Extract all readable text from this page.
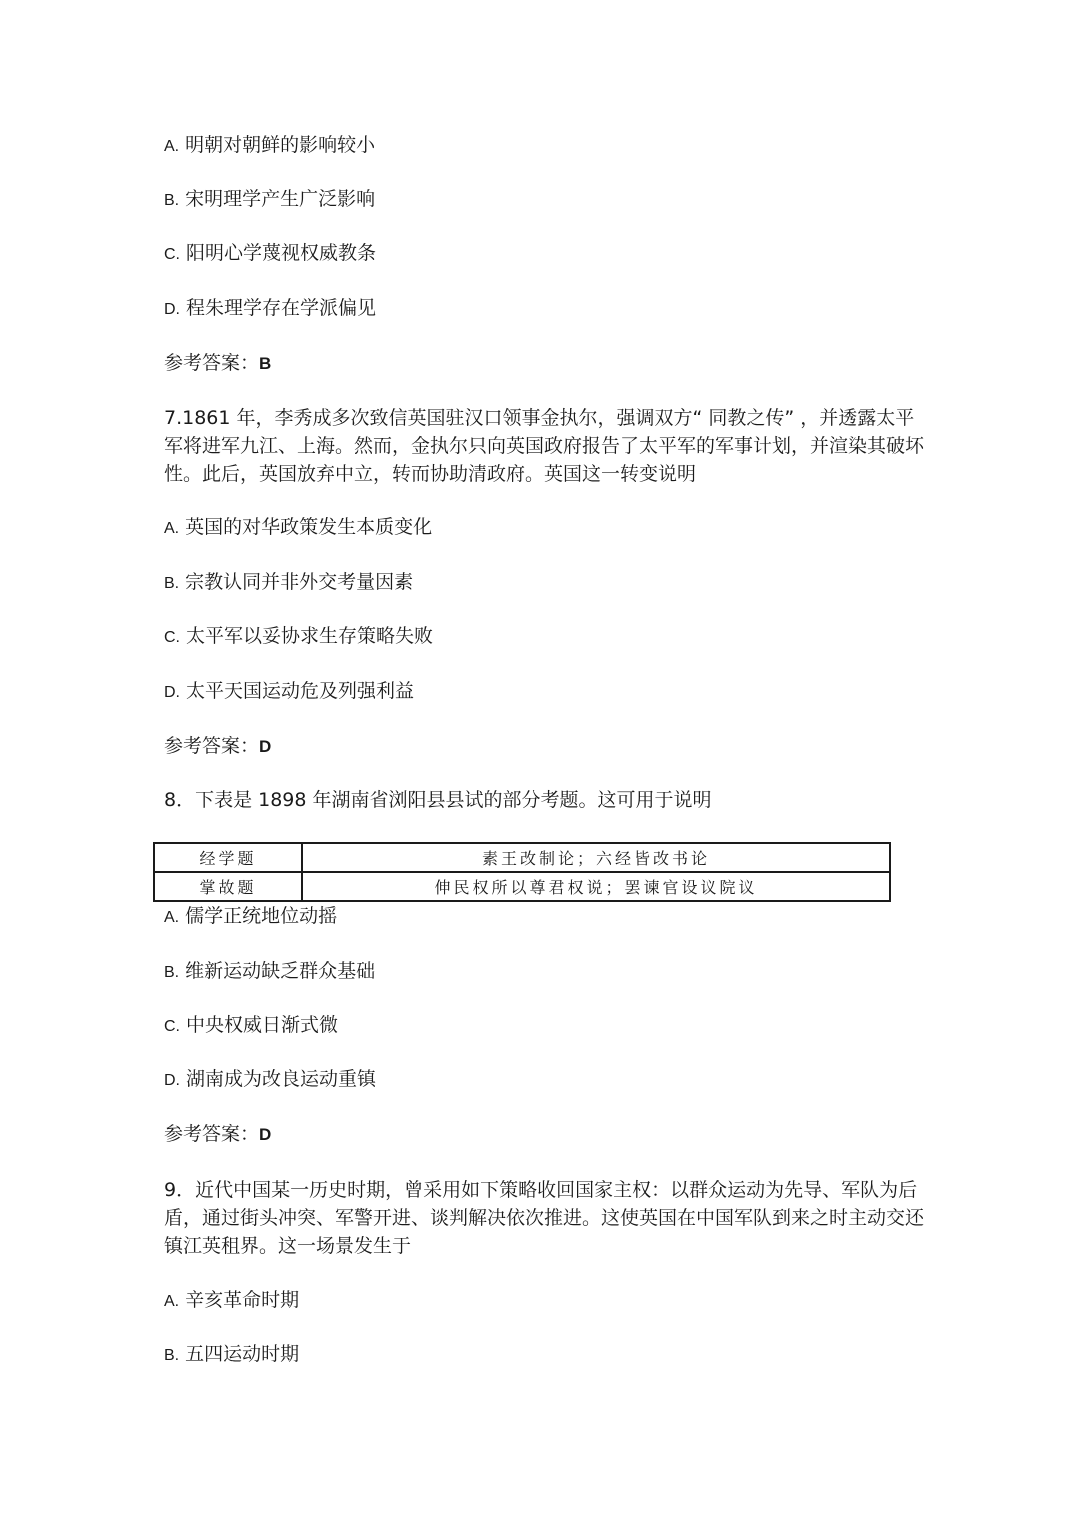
A. 明朝对朝鲜的影响较小
B. 宋明理学产生广泛影响
C. 阳明心学蔑视权威教条
D. 程朱理学存在学派偏见
参考答案：B
7.1861 年，李秀成多次致信英国驻汉口领事金执尔，强调双方“ 同教之传” ，并透露太平军将进军九江、上海。然而，金执尔只向英国政府报告了太平军的军事计划，并渲染其破坏性。此后，英国放弃中立，转而协助清政府。英国这一转变说明
A. 英国的对华政策发生本质变化
B. 宗教认同并非外交考量因素
C. 太平军以妥协求生存策略失败
D. 太平天国运动危及列强利益
参考答案：D
8．下表是 1898 年湖南省浏阳县县试的部分考题。这可用于说明
经学题	素王改制论；六经皆改书论
掌故题	伸民权所以尊君权说；罢谏官设议院议
A. 儒学正统地位动摇
B. 维新运动缺乏群众基础
C. 中央权威日渐式微
D. 湖南成为改良运动重镇
参考答案：D
9．近代中国某一历史时期，曾采用如下策略收回国家主权：以群众运动为先导、军队为后盾，通过街头冲突、军警开进、谈判解决依次推进。这使英国在中国军队到来之时主动交还镇江英租界。这一场景发生于
A. 辛亥革命时期
B. 五四运动时期
